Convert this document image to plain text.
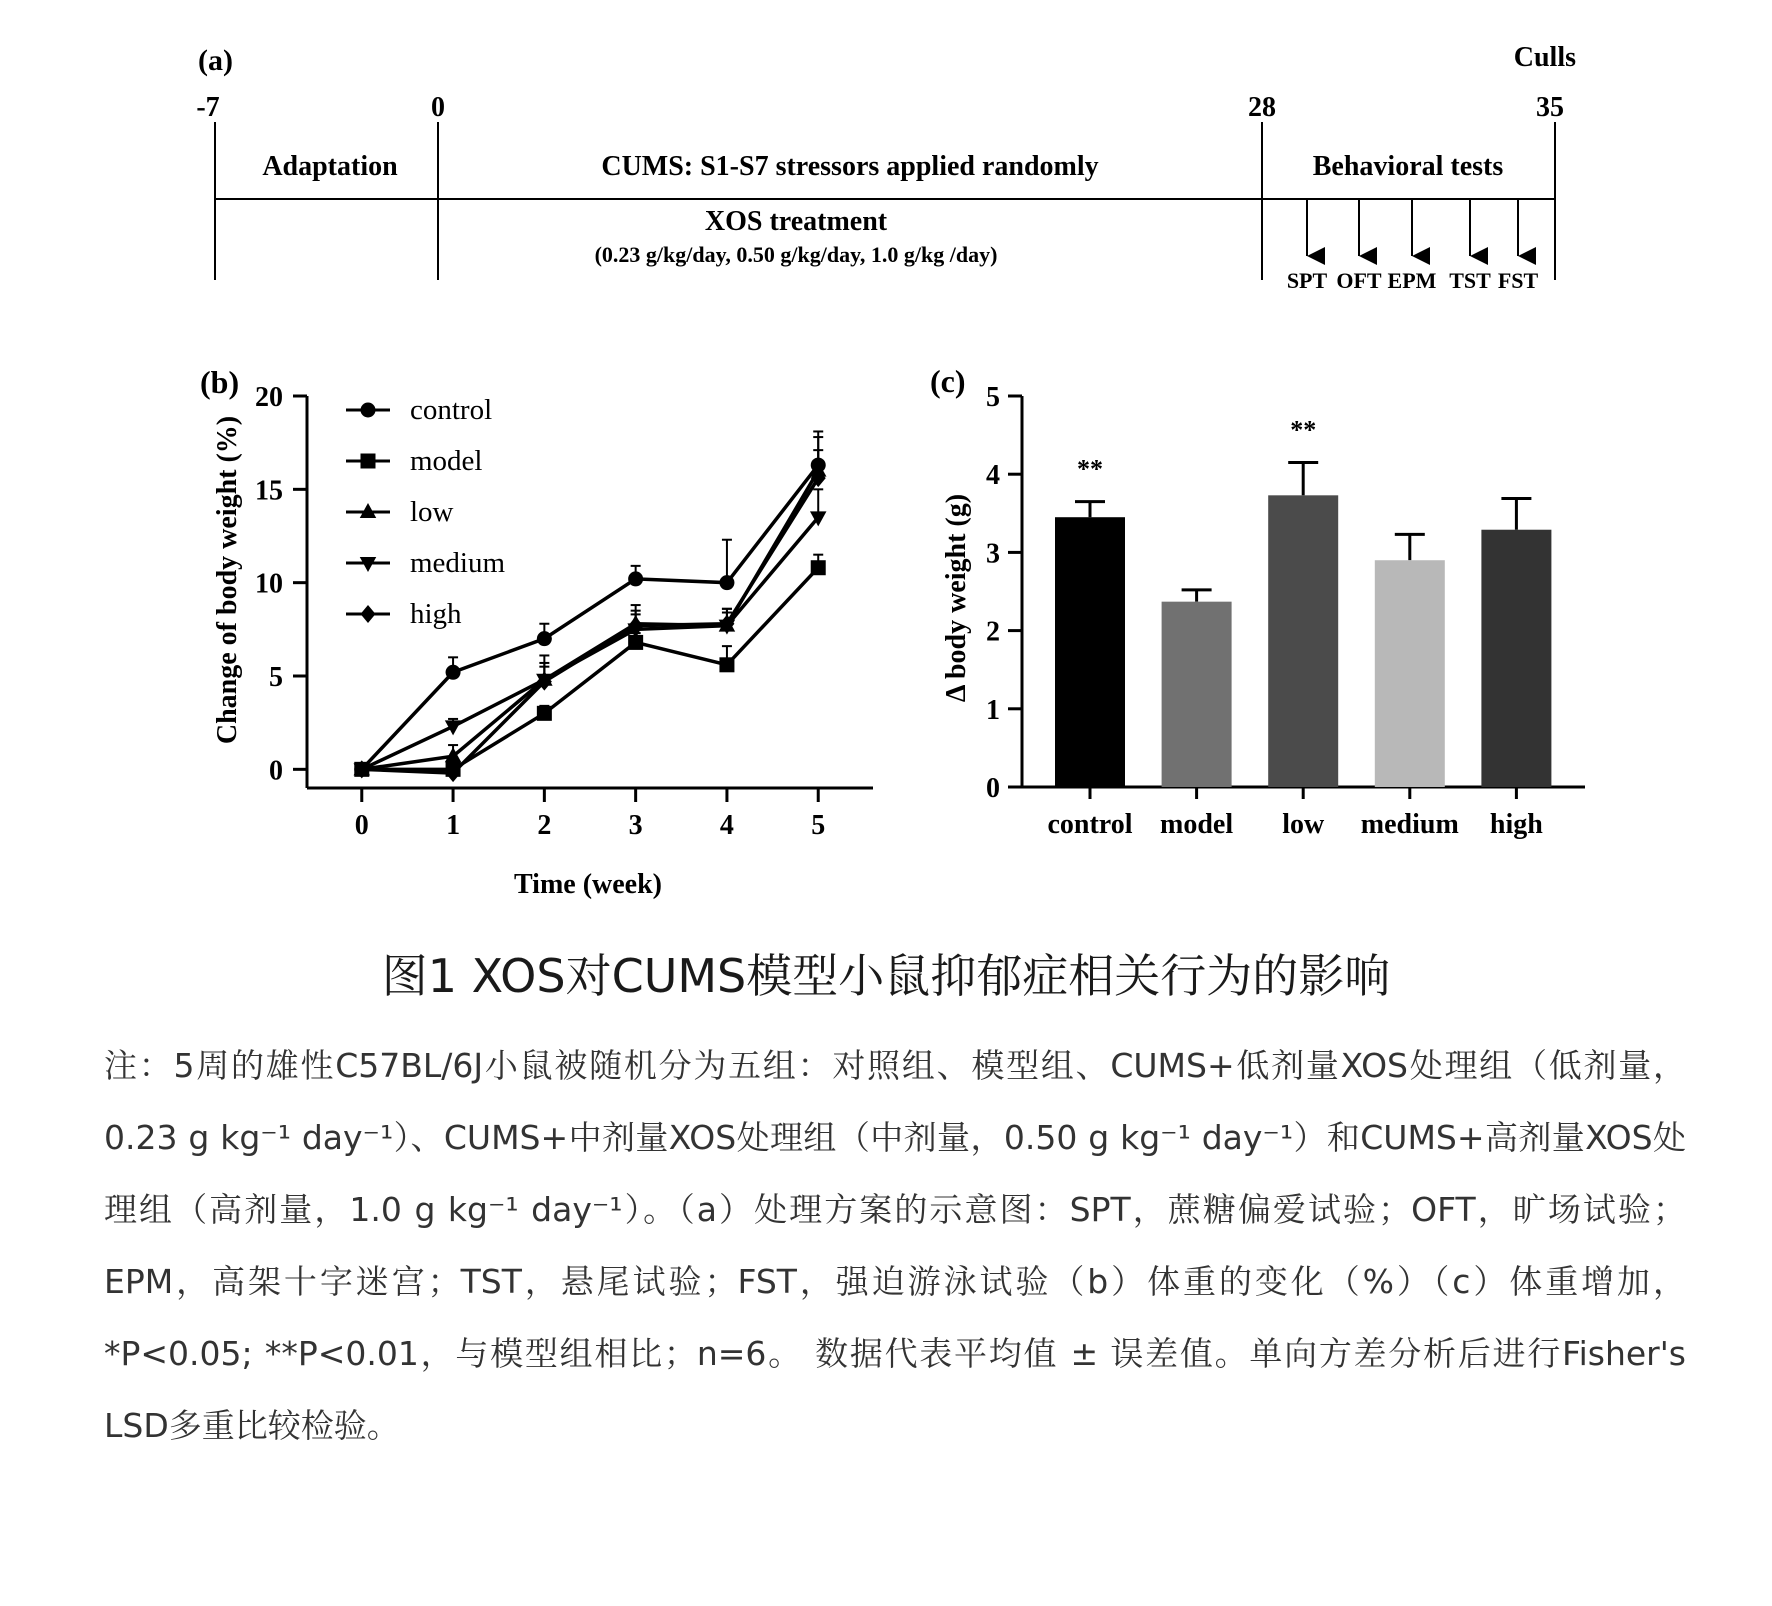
(a)	Culls
-7	0	28	35
Adaptation	CUMS: S1-S7 stressors applied randomly	Behavioral tests
XOS treatment
(0.23 g/kg/day, 0.50 g/kg/day, 1.0 g/kg /day)
SPT OFT EPM TST FST
(b)
Change of body weight (%)
Time (week)
0
5
10
15
20
0	1	2	3	4	5
control
model
low
medium
high
(c)
Δ body weight (g)
0
1
2
3
4
5
control
**
model low
**
medium high
图1 XOS对CUMS模型小鼠抑郁症相关行为的影响
注：5周的雄性C57BL/6J小鼠被随机分为五组：对照组、模型组、CUMS+低剂量XOS处理组（低剂量，0.23 g kg⁻¹ day⁻¹）、CUMS+中剂量XOS处理组（中剂量，0.50 g kg⁻¹ day⁻¹）和CUMS+高剂量XOS处理组（高剂量，1.0 g kg⁻¹ day⁻¹）。（a）处理方案的示意图：SPT，蔗糖偏爱试验；OFT，旷场试验；EPM，高架十字迷宫；TST，悬尾试验；FST，强迫游泳试验（b）体重的变化（%）（c）体重增加，*P<0.05; **P<0.01，与模型组相比；n=6。 数据代表平均值 ± 误差值。单向方差分析后进行Fisher's LSD多重比较检验。
